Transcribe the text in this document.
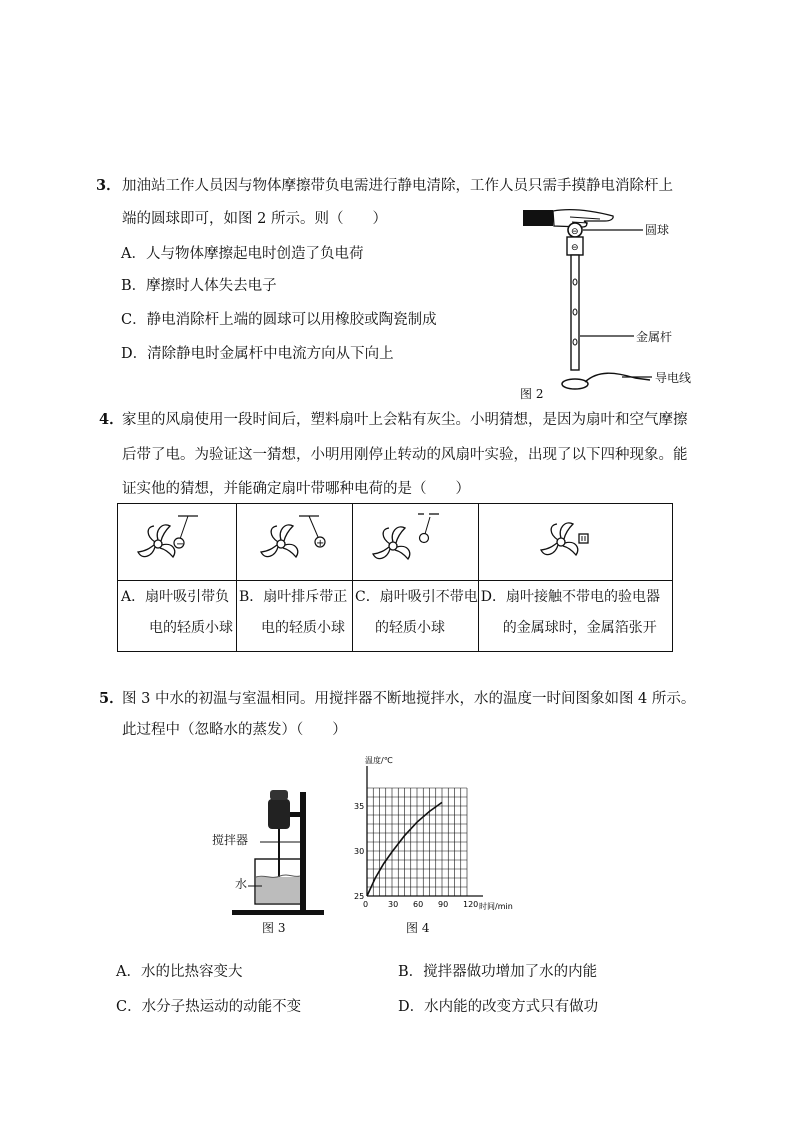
3． 加油站工作人员因与物体摩擦带负电需进行静电清除，工作人员只需手摸静电消除杆上
端的圆球即可，如图 2 所示。则（　　）
A．人与物体摩擦起电时创造了负电荷
B．摩擦时人体失去电子
C．静电消除杆上端的圆球可以用橡胶或陶瓷制成
D．清除静电时金属杆中电流方向从下向上
⊖
⊖
圆球
金属杆
导电线
图 2
4．
家里的风扇使用一段时间后，塑料扇叶上会粘有灰尘。小明猜想，是因为扇叶和空气摩擦
后带了电。为验证这一猜想，小明用刚停止转动的风扇叶实验，出现了以下四种现象。能
证实他的猜想，并能确定扇叶带哪种电荷的是（　　）
−	+

A．扇叶吸引带负
电的轻质小球	B．扇叶排斥带正
电的轻质小球	C．扇叶吸引不带电
的轻质小球	D．扇叶接触不带电的验电器
的金属球时，金属箔张开
5．
图 3 中水的初温与室温相同。用搅拌器不断地搅拌水，水的温度一时间图象如图 4 所示。
此过程中（忽略水的蒸发）（　　）
搅拌器
水
图 3
0 30 60 90 120
25
30
35
温度/℃
时间/min
图 4
A．水的比热容变大	B．搅拌器做功增加了水的内能
C．水分子热运动的动能不变	D．水内能的改变方式只有做功
